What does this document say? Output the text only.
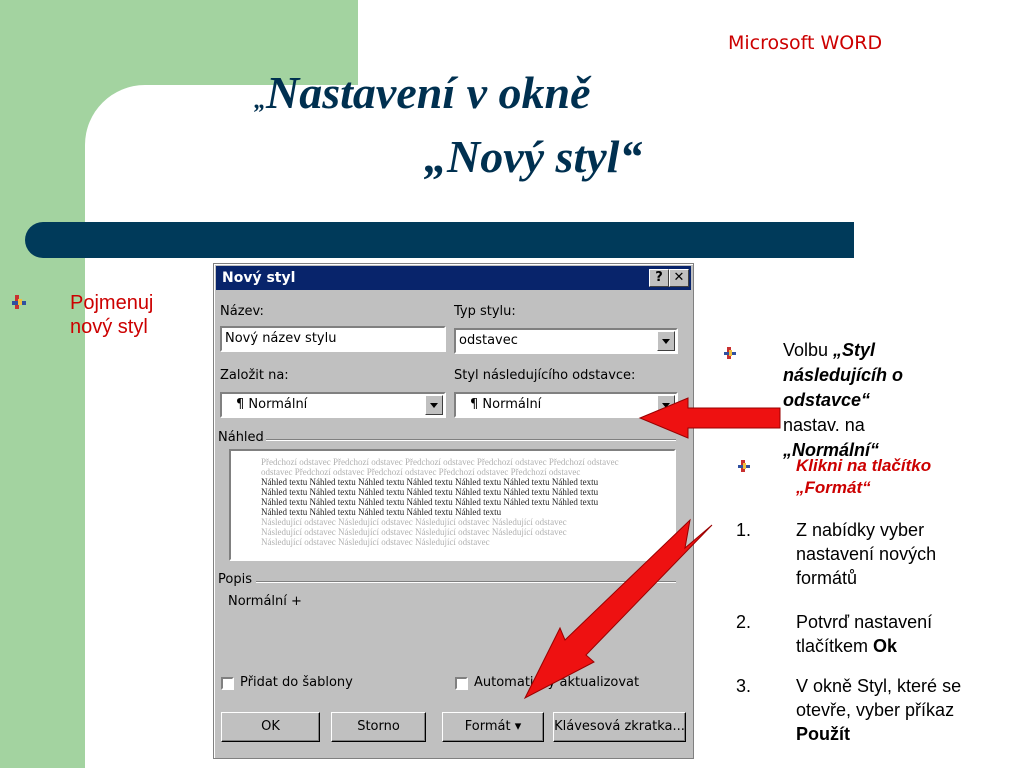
Microsoft WORD
„Nastavení v okně
„Nový styl“
Pojmenuj nový styl
Nový styl	? ✕
Název:
Nový název stylu
Typ stylu:
odstavec
Založit na:
¶ Normální
Styl následujícího odstavce:
¶ Normální
Náhled
Předchozí odstavec Předchozí odstavec Předchozí odstavec Předchozí odstavec Předchozí odstavec
odstavec Předchozí odstavec Předchozí odstavec Předchozí odstavec Předchozí odstavec
Náhled textu Náhled textu Náhled textu Náhled textu Náhled textu Náhled textu Náhled textu
Náhled textu Náhled textu Náhled textu Náhled textu Náhled textu Náhled textu Náhled textu
Náhled textu Náhled textu Náhled textu Náhled textu Náhled textu Náhled textu Náhled textu
Náhled textu Náhled textu Náhled textu Náhled textu Náhled textu
Následující odstavec Následující odstavec Následující odstavec Následující odstavec
Následující odstavec Následující odstavec Následující odstavec Následující odstavec
Následující odstavec Následující odstavec Následující odstavec
Popis
Normální +
Přidat do šablony	Automaticky aktualizovat
OK	Storno	Formát ▾	Klávesová zkratka...
Volbu „Styl následujícíh o odstavce“
nastav. na
„Normální“
Klikni na tlačítko „Formát“
1. Z nabídky vyber nastavení nových formátů
2. Potvrď nastavení tlačítkem Ok
3. V okně Styl, které se otevře, vyber příkaz Použít
